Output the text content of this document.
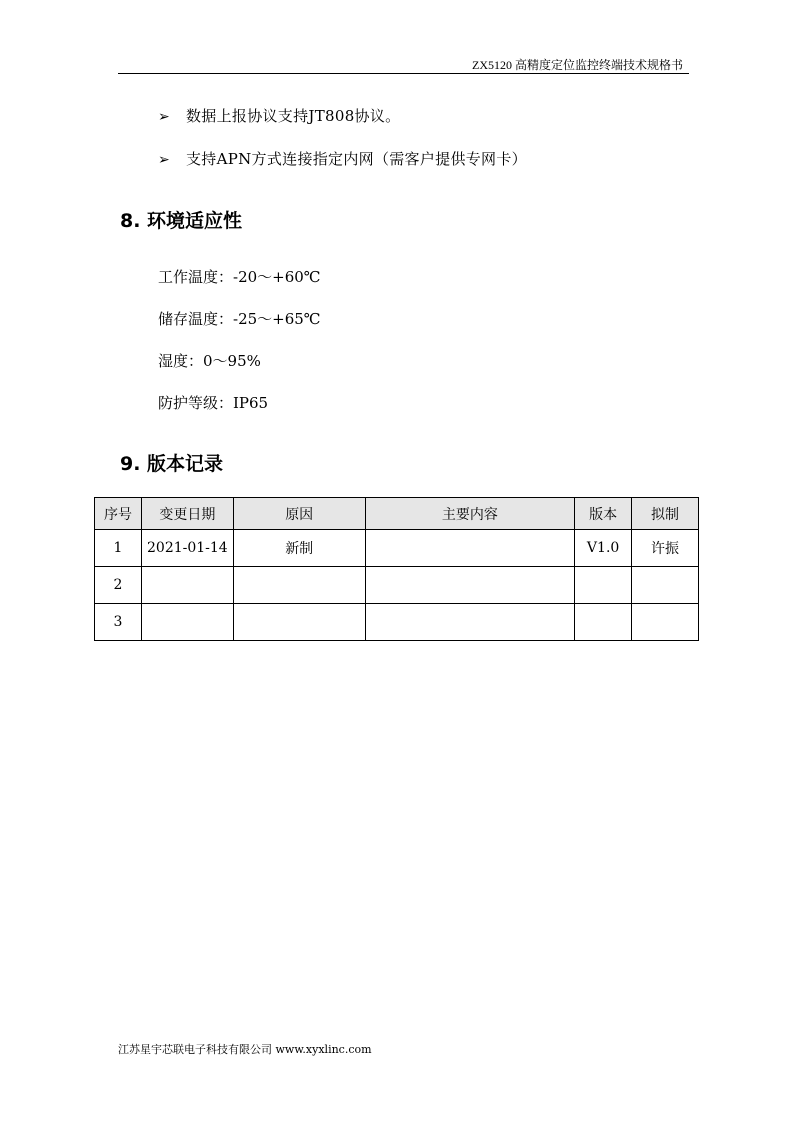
ZX5120 高精度定位监控终端技术规格书
➢ 数据上报协议支持JT808协议。
➢ 支持APN方式连接指定内网（需客户提供专网卡）
8. 环境适应性
工作温度：-20～+60℃
储存温度：-25～+65℃
湿度：0～95%
防护等级：IP65
9. 版本记录
序号	变更日期	原因	主要内容	版本	拟制
1	2021-01-14	新制		V1.0	许振
2					
3					
江苏星宇芯联电子科技有限公司 www.xyxlinc.com
